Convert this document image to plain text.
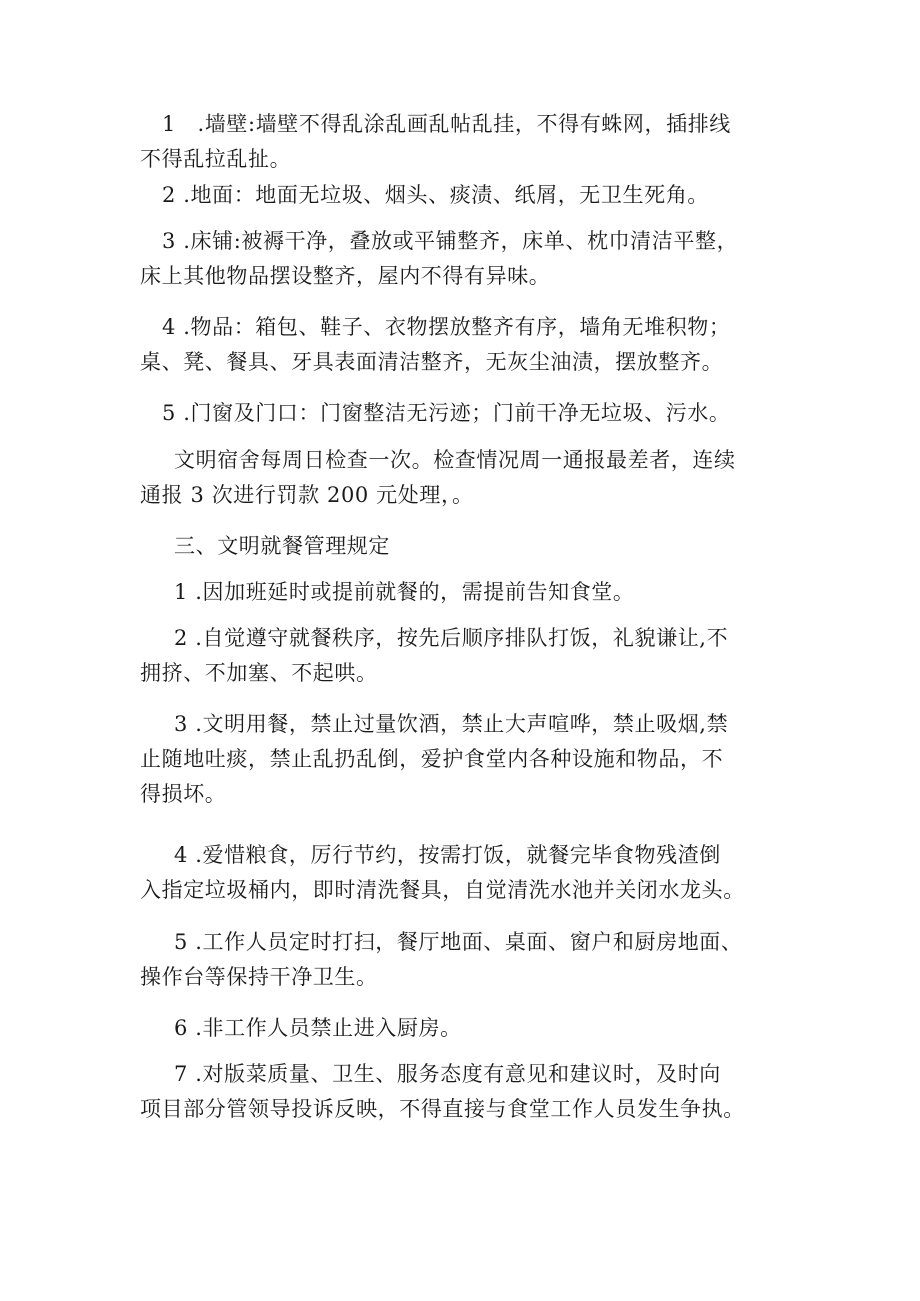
1　.墙壁:墙壁不得乱涂乱画乱帖乱挂，不得有蛛网，插排线
不得乱拉乱扯。
2 .地面：地面无垃圾、烟头、痰渍、纸屑，无卫生死角。
3 .床铺:被褥干净，叠放或平铺整齐，床单、枕巾清洁平整，
床上其他物品摆设整齐，屋内不得有异味。
4 .物品：箱包、鞋子、衣物摆放整齐有序，墙角无堆积物；
桌、凳、餐具、牙具表面清洁整齐，无灰尘油渍，摆放整齐。
5 .门窗及门口：门窗整洁无污迹；门前干净无垃圾、污水。
文明宿舍每周日检查一次。检查情况周一通报最差者，连续
通报 3 次进行罚款 200 元处理，。
三、文明就餐管理规定
1 .因加班延时或提前就餐的，需提前告知食堂。
2 .自觉遵守就餐秩序，按先后顺序排队打饭，礼貌谦让,不
拥挤、不加塞、不起哄。
3 .文明用餐，禁止过量饮酒，禁止大声喧哗，禁止吸烟,禁
止随地吐痰，禁止乱扔乱倒，爱护食堂内各种设施和物品，不
得损坏。
4 .爱惜粮食，厉行节约，按需打饭，就餐完毕食物残渣倒
入指定垃圾桶内，即时清洗餐具，自觉清洗水池并关闭水龙头。
5 .工作人员定时打扫，餐厅地面、桌面、窗户和厨房地面、
操作台等保持干净卫生。
6 .非工作人员禁止进入厨房。
7 .对版菜质量、卫生、服务态度有意见和建议时，及时向
项目部分管领导投诉反映，不得直接与食堂工作人员发生争执。
